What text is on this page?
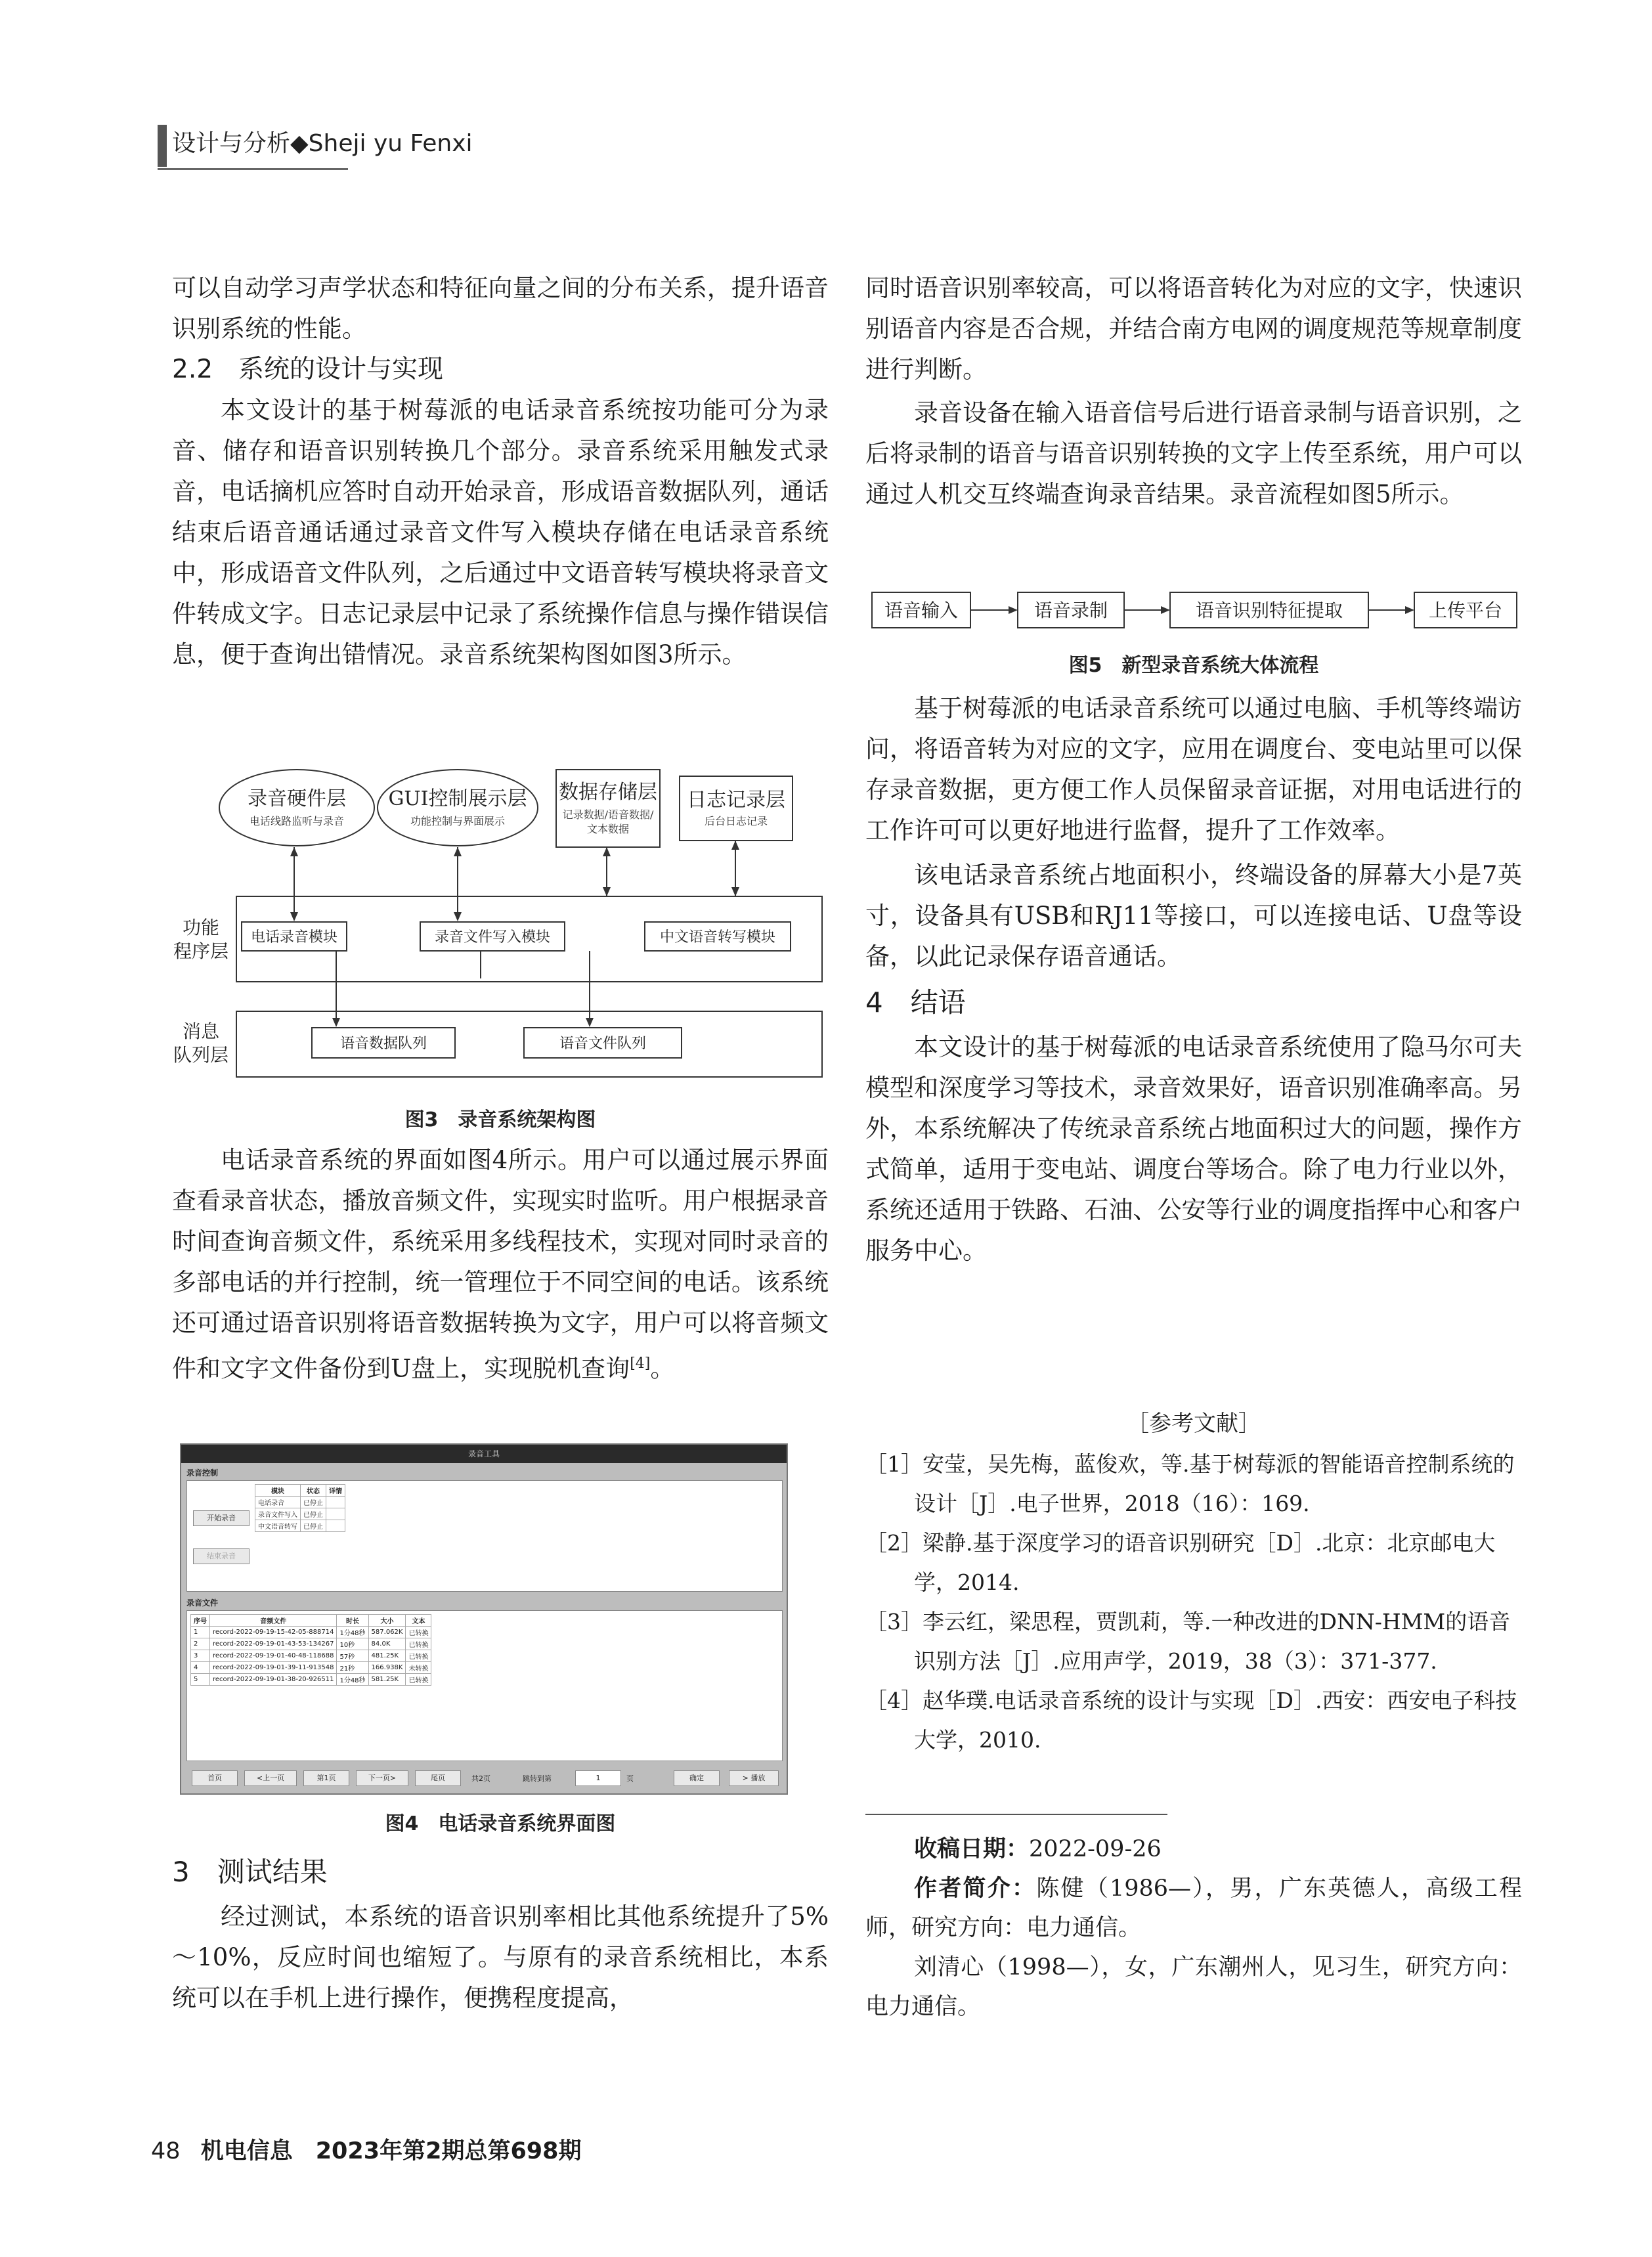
设计与分析◆Sheji yu Fenxi

可以自动学习声学状态和特征向量之间的分布关系，提升语音识别系统的性能。

2.2　系统的设计与实现

本文设计的基于树莓派的电话录音系统按功能可分为录音、储存和语音识别转换几个部分。录音系统采用触发式录音，电话摘机应答时自动开始录音，形成语音数据队列，通话结束后语音通话通过录音文件写入模块存储在电话录音系统中，形成语音文件队列，之后通过中文语音转写模块将录音文件转成文字。日志记录层中记录了系统操作信息与操作错误信息，便于查询出错情况。录音系统架构图如图3所示。

录音硬件层 GUI控制展示层 数据存储层 日志记录层
电话线路监听与录音	功能控制与界面展示
记录数据/语音数据/
文本数据
后台日志记录
功能
程序层
消息
队列层
电话录音模块	录音文件写入模块	中文语音转写模块
语音数据队列	语音文件队列
图3　录音系统架构图

电话录音系统的界面如图4所示。用户可以通过展示界面查看录音状态，播放音频文件，实现实时监听。用户根据录音时间查询音频文件，系统采用多线程技术，实现对同时录音的多部电话的并行控制，统一管理位于不同空间的电话。该系统还可通过语音识别将语音数据转换为文字，用户可以将音频文件和文字文件备份到U盘上，实现脱机查询[4]。

录音工具
录音控制
开始录音
结束录音
模块	状态	详情
电话录音	已停止	
录音文件写入	已停止	
中文语音转写	已停止	
录音文件
序号	音频文件	时长	大小	文本
1	record-2022-09-19-15-42-05-888714	1分48秒	587.062K	已转换
2	record-2022-09-19-01-43-53-134267	10秒	84.0K	已转换
3	record-2022-09-19-01-40-48-118688	57秒	481.25K	已转换
4	record-2022-09-19-01-39-11-913548	21秒	166.938K	未转换
5	record-2022-09-19-01-38-20-926511	1分48秒	581.25K	已转换
首页	<上一页	第1页	下一页>	尾页	共2页	跳转到第	1	页	确定	> 播放
图4　电话录音系统界面图

3　测试结果

经过测试，本系统的语音识别率相比其他系统提升了5%～10%，反应时间也缩短了。与原有的录音系统相比，本系统可以在手机上进行操作，便携程度提高，

同时语音识别率较高，可以将语音转化为对应的文字，快速识别语音内容是否合规，并结合南方电网的调度规范等规章制度进行判断。

录音设备在输入语音信号后进行语音录制与语音识别，之后将录制的语音与语音识别转换的文字上传至系统，用户可以通过人机交互终端查询录音结果。录音流程如图5所示。

语音输入	语音录制	语音识别特征提取	上传平台
图5　新型录音系统大体流程

基于树莓派的电话录音系统可以通过电脑、手机等终端访问，将语音转为对应的文字，应用在调度台、变电站里可以保存录音数据，更方便工作人员保留录音证据，对用电话进行的工作许可可以更好地进行监督，提升了工作效率。

该电话录音系统占地面积小，终端设备的屏幕大小是7英寸，设备具有USB和RJ11等接口，可以连接电话、U盘等设备，以此记录保存语音通话。

4　结语

本文设计的基于树莓派的电话录音系统使用了隐马尔可夫模型和深度学习等技术，录音效果好，语音识别准确率高。另外，本系统解决了传统录音系统占地面积过大的问题，操作方式简单，适用于变电站、调度台等场合。除了电力行业以外，系统还适用于铁路、石油、公安等行业的调度指挥中心和客户服务中心。

［参考文献］

［1］安莹，吴先梅，蓝俊欢，等.基于树莓派的智能语音控制系统的设计［J］.电子世界，2018（16）：169.

［2］梁静.基于深度学习的语音识别研究［D］.北京：北京邮电大学，2014.

［3］李云红，梁思程，贾凯莉，等.一种改进的DNN-HMM的语音识别方法［J］.应用声学，2019，38（3）：371-377.

［4］赵华璞.电话录音系统的设计与实现［D］.西安：西安电子科技大学，2010.

收稿日期：2022-09-26

作者简介：陈健（1986—），男，广东英德人，高级工程师，研究方向：电力通信。

刘清心（1998—），女，广东潮州人，见习生，研究方向：电力通信。

48 机电信息　2023年第2期总第698期
